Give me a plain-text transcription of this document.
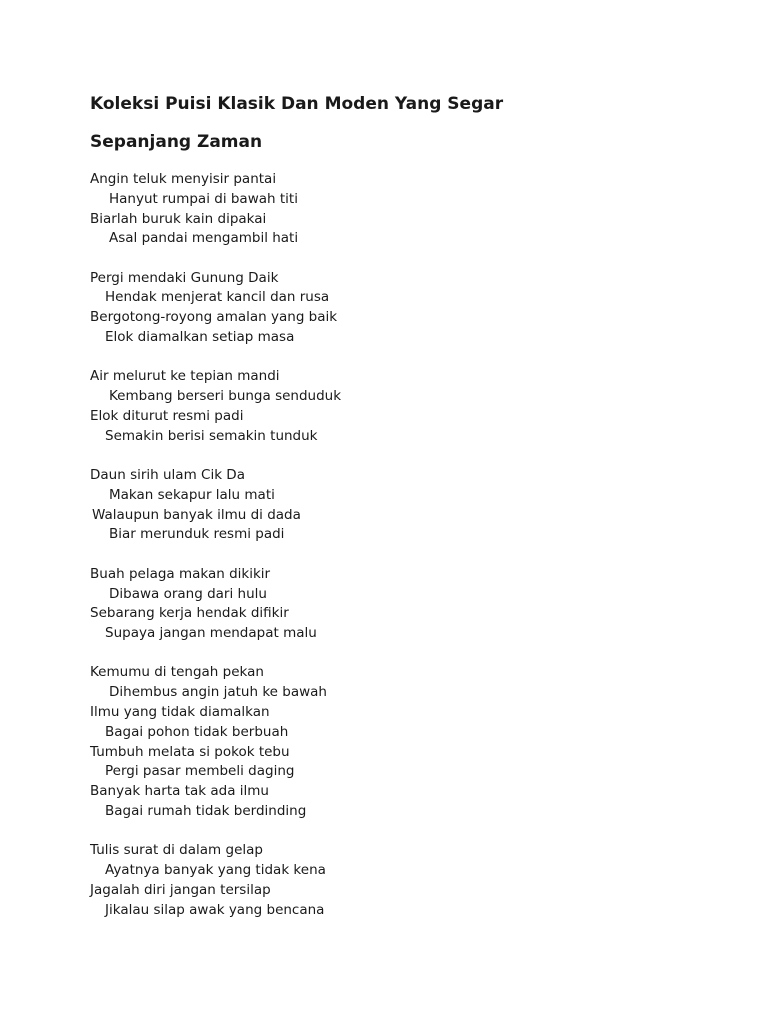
Koleksi Puisi Klasik Dan Moden Yang Segar
Sepanjang Zaman
Angin teluk menyisir pantai
Hanyut rumpai di bawah titi
Biarlah buruk kain dipakai
Asal pandai mengambil hati
Pergi mendaki Gunung Daik
Hendak menjerat kancil dan rusa
Bergotong-royong amalan yang baik
Elok diamalkan setiap masa
Air melurut ke tepian mandi
Kembang berseri bunga senduduk
Elok diturut resmi padi
Semakin berisi semakin tunduk
Daun sirih ulam Cik Da
Makan sekapur lalu mati
Walaupun banyak ilmu di dada
Biar merunduk resmi padi
Buah pelaga makan dikikir
Dibawa orang dari hulu
Sebarang kerja hendak difikir
Supaya jangan mendapat malu
Kemumu di tengah pekan
Dihembus angin jatuh ke bawah
Ilmu yang tidak diamalkan
Bagai pohon tidak berbuah
Tumbuh melata si pokok tebu
Pergi pasar membeli daging
Banyak harta tak ada ilmu
Bagai rumah tidak berdinding
Tulis surat di dalam gelap
Ayatnya banyak yang tidak kena
Jagalah diri jangan tersilap
Jikalau silap awak yang bencana
